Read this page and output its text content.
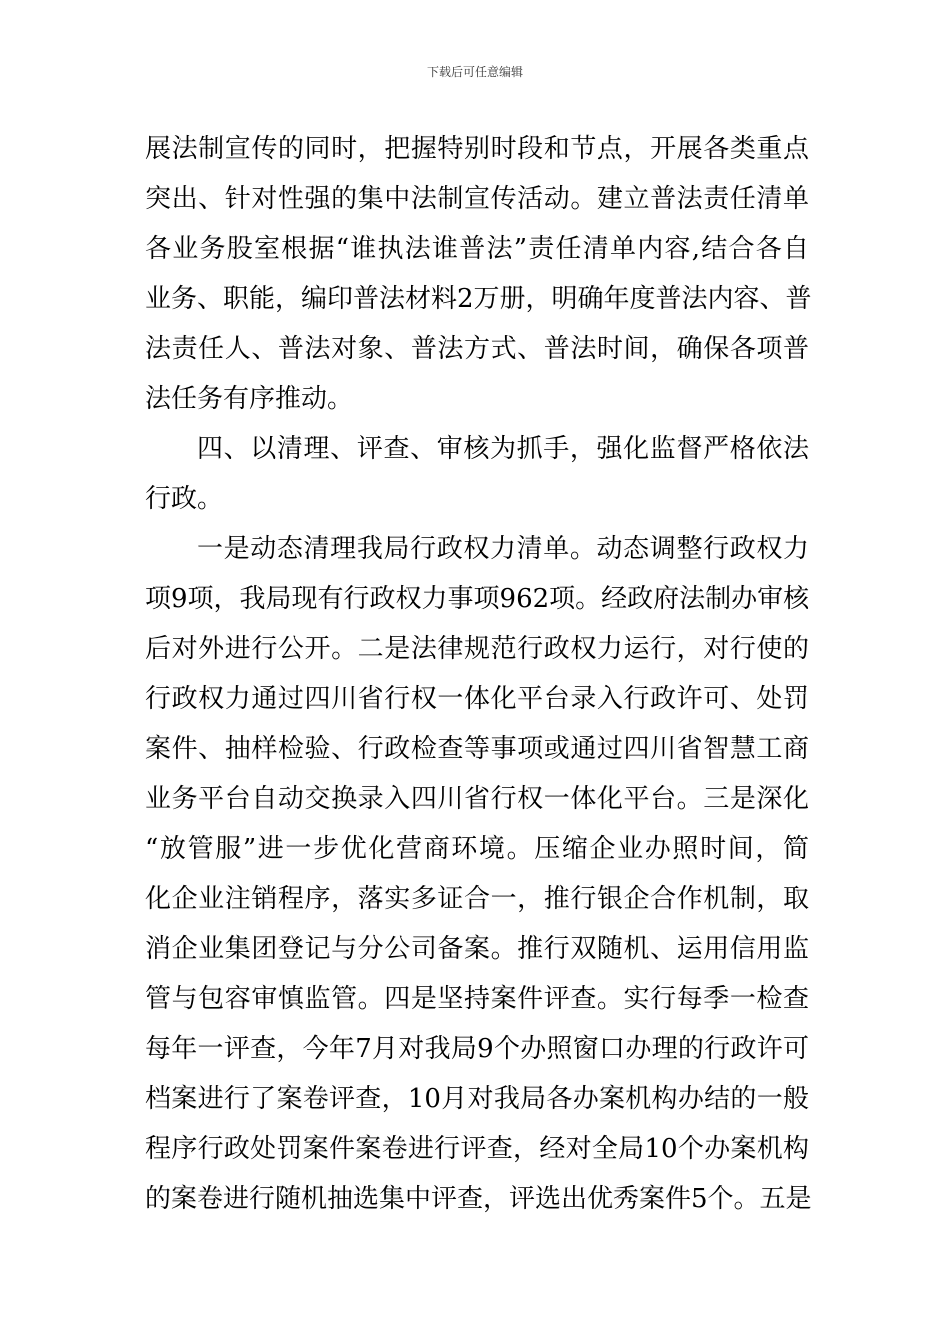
下载后可任意编辑
展法制宣传的同时，把握特别时段和节点，开展各类重点
突出、针对性强的集中法制宣传活动。建立普法责任清单
各业务股室根据“谁执法谁普法”责任清单内容,结合各自
业务、职能，编印普法材料2万册，明确年度普法内容、普
法责任人、普法对象、普法方式、普法时间，确保各项普
法任务有序推动。
四、以清理、评查、审核为抓手，强化监督严格依法
行政。
一是动态清理我局行政权力清单。动态调整行政权力
项9项，我局现有行政权力事项962项。经政府法制办审核
后对外进行公开。二是法律规范行政权力运行，对行使的
行政权力通过四川省行权一体化平台录入行政许可、处罚
案件、抽样检验、行政检查等事项或通过四川省智慧工商
业务平台自动交换录入四川省行权一体化平台。三是深化
“放管服”进一步优化营商环境。压缩企业办照时间，简
化企业注销程序，落实多证合一，推行银企合作机制，取
消企业集团登记与分公司备案。推行双随机、运用信用监
管与包容审慎监管。四是坚持案件评查。实行每季一检查
每年一评查，今年7月对我局9个办照窗口办理的行政许可
档案进行了案卷评查，10月对我局各办案机构办结的一般
程序行政处罚案件案卷进行评查，经对全局10个办案机构
的案卷进行随机抽选集中评查，评选出优秀案件5个。五是
